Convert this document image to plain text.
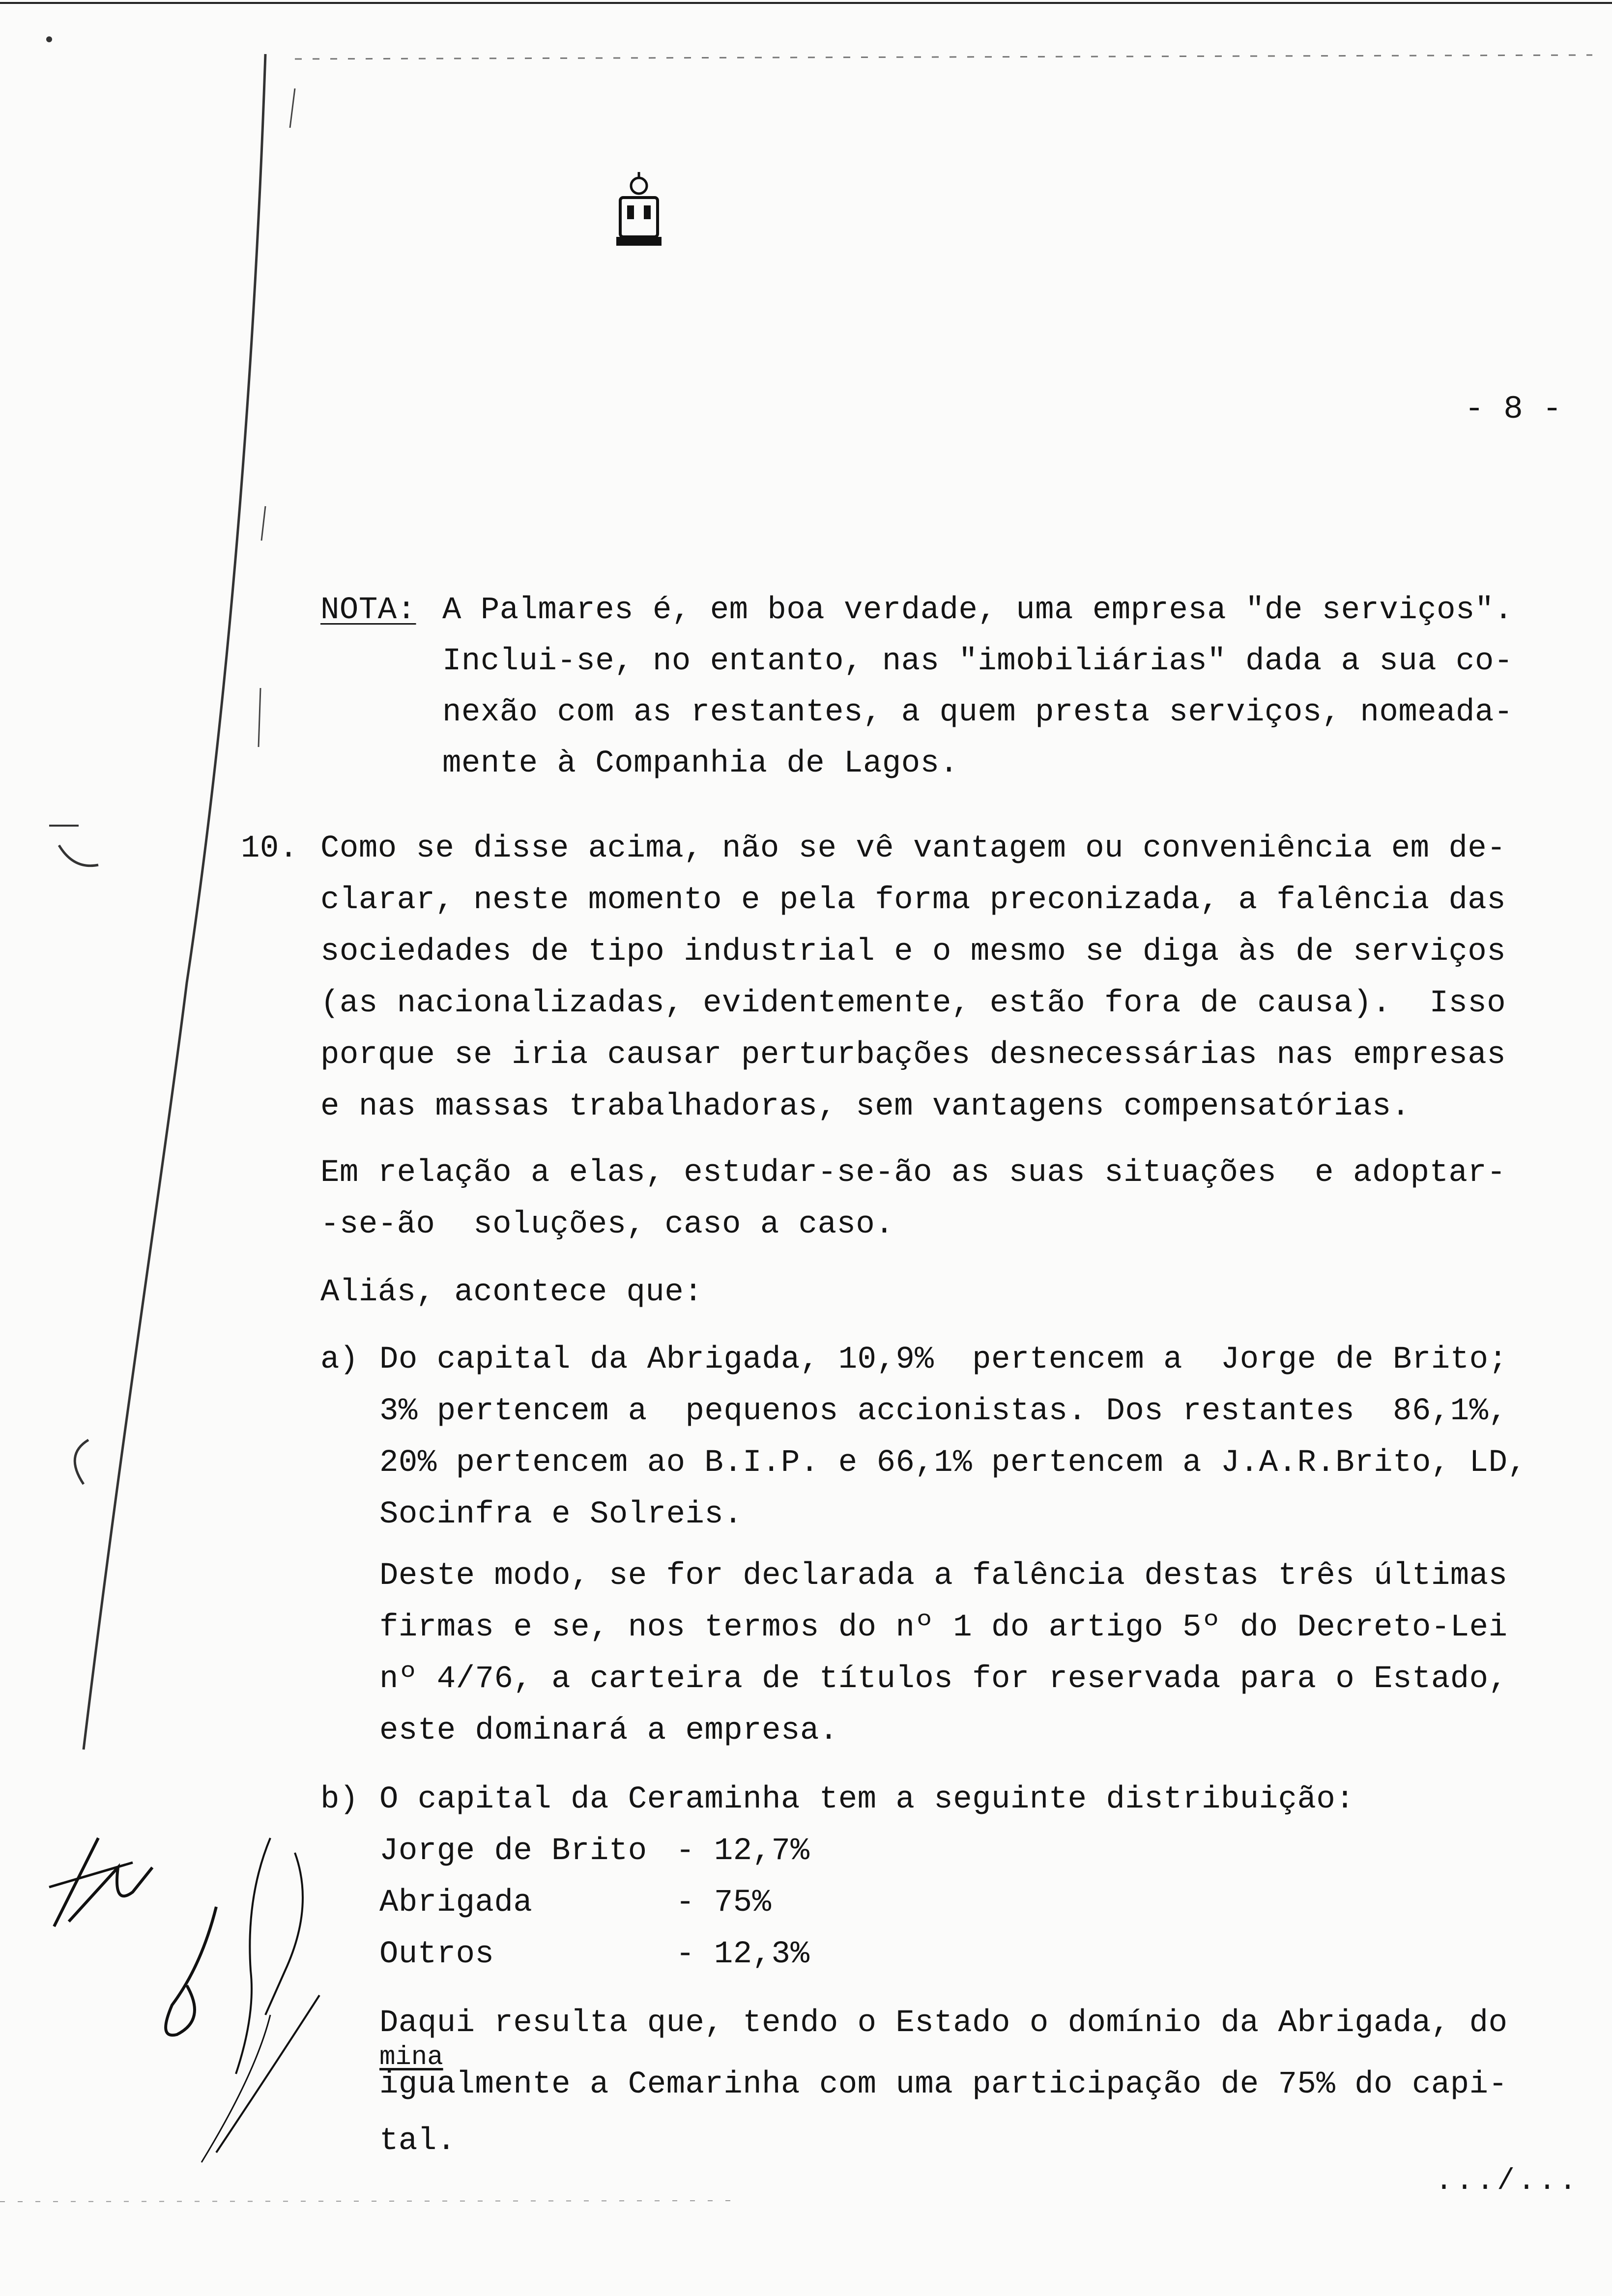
- 8 -
NOTA: A Palmares é, em boa verdade, uma empresa "de serviços".
Inclui-se, no entanto, nas "imobiliárias" dada a sua co-
nexão com as restantes, a quem presta serviços, nomeada-
mente à Companhia de Lagos.
10. Como se disse acima, não se vê vantagem ou conveniência em de-
clarar, neste momento e pela forma preconizada, a falência das
sociedades de tipo industrial e o mesmo se diga às de serviços
(as nacionalizadas, evidentemente, estão fora de causa).  Isso
porque se iria causar perturbações desnecessárias nas empresas
e nas massas trabalhadoras, sem vantagens compensatórias.
Em relação a elas, estudar-se-ão as suas situações  e adoptar-
-se-ão  soluções, caso a caso.
Aliás, acontece que:
a) Do capital da Abrigada, 10,9%  pertencem a  Jorge de Brito;
3% pertencem a  pequenos accionistas. Dos restantes  86,1%,
20% pertencem ao B.I.P. e 66,1% pertencem a J.A.R.Brito, LD,
Socinfra e Solreis.
Deste modo, se for declarada a falência destas três últimas
firmas e se, nos termos do nº 1 do artigo 5º do Decreto-Lei
nº 4/76, a carteira de títulos for reservada para o Estado,
este dominará a empresa.
b) O capital da Ceraminha tem a seguinte distribuição:
Jorge de Brito - 12,7%
Abrigada	- 75%
Outros	- 12,3%
Daqui resulta que, tendo o Estado o domínio da Abrigada, do
mina
igualmente a Cemarinha com uma participação de 75% do capi-
tal.
.../...
